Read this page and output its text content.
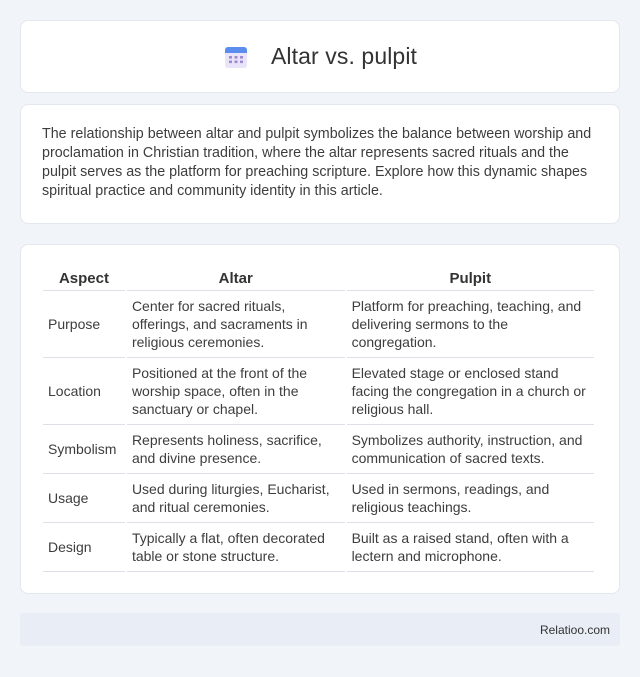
Altar vs. pulpit

The relationship between altar and pulpit symbolizes the balance between worship and proclamation in Christian tradition, where the altar represents sacred rituals and the pulpit serves as the platform for preaching scripture. Explore how this dynamic shapes spiritual practice and community identity in this article.

Aspect	Altar	Pulpit
Purpose	Center for sacred rituals, offerings, and sacraments in religious ceremonies.	Platform for preaching, teaching, and delivering sermons to the congregation.
Location	Positioned at the front of the worship space, often in the sanctuary or chapel.	Elevated stage or enclosed stand facing the congregation in a church or religious hall.
Symbolism	Represents holiness, sacrifice, and divine presence.	Symbolizes authority, instruction, and communication of sacred texts.
Usage	Used during liturgies, Eucharist, and ritual ceremonies.	Used in sermons, readings, and religious teachings.
Design	Typically a flat, often decorated table or stone structure.	Built as a raised stand, often with a lectern and microphone.
Relatioo.com
